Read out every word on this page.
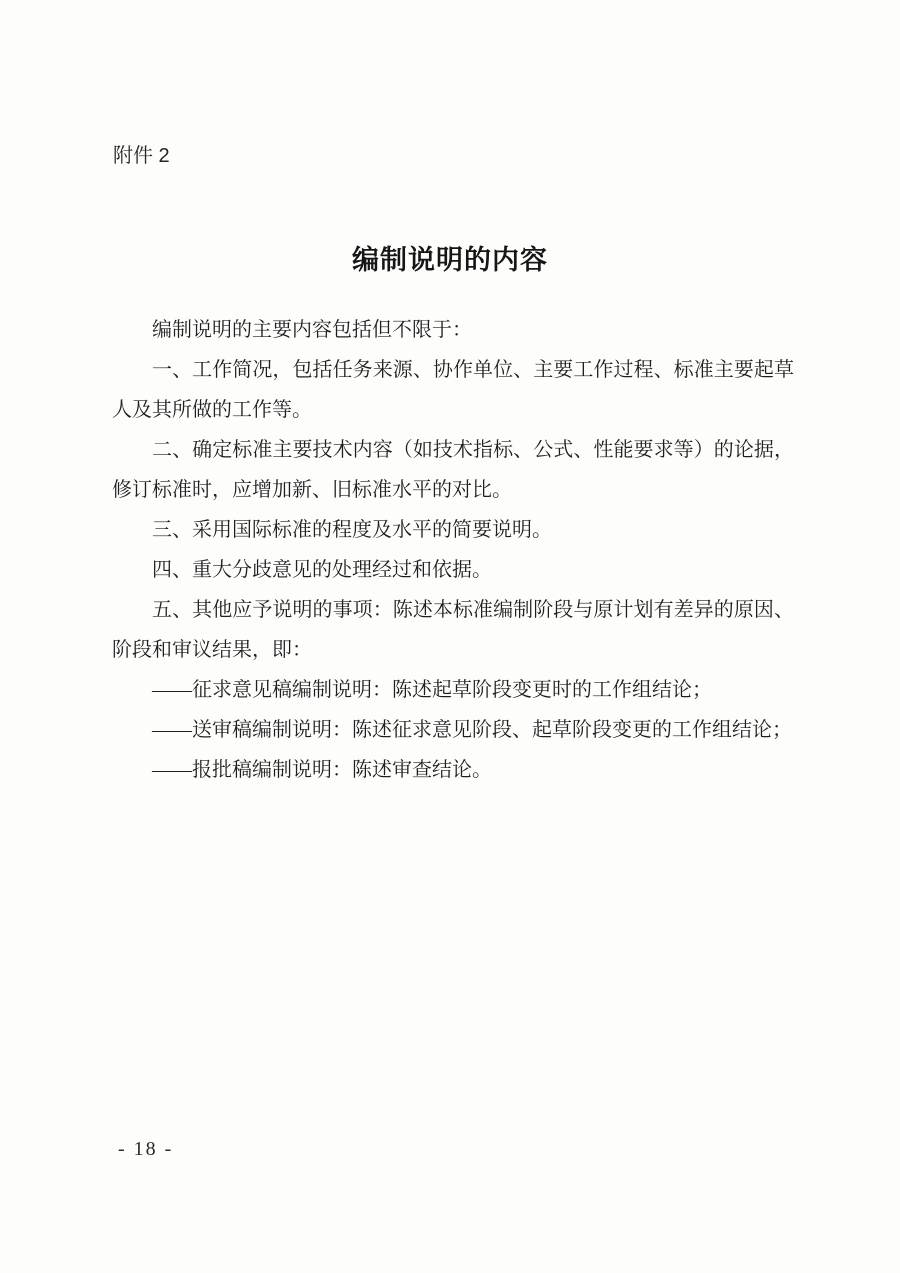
附件 2
编制说明的内容

编制说明的主要内容包括但不限于：

一、工作简况，包括任务来源、协作单位、主要工作过程、标准主要起草人及其所做的工作等。

二、确定标准主要技术内容（如技术指标、公式、性能要求等）的论据，修订标准时，应增加新、旧标准水平的对比。

三、采用国际标准的程度及水平的简要说明。

四、重大分歧意见的处理经过和依据。

五、其他应予说明的事项：陈述本标准编制阶段与原计划有差异的原因、阶段和审议结果，即：

——征求意见稿编制说明：陈述起草阶段变更时的工作组结论；

——送审稿编制说明：陈述征求意见阶段、起草阶段变更的工作组结论；

——报批稿编制说明：陈述审查结论。

- 18 -
